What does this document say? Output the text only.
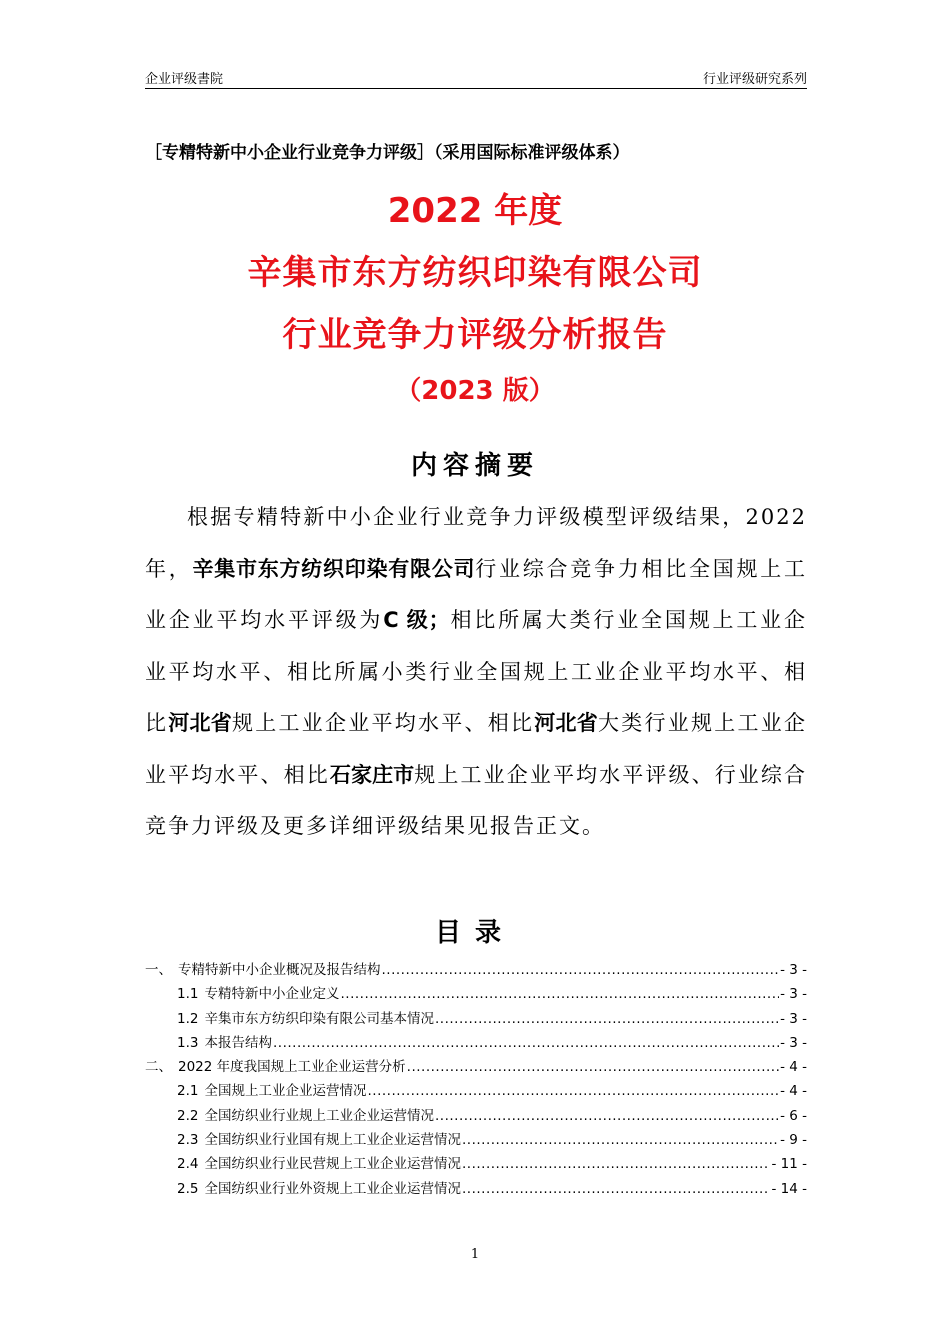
企业评级書院	行业评级研究系列
［专精特新中小企业行业竞争力评级］（采用国际标准评级体系）
2022 年度
辛集市东方纺织印染有限公司
行业竞争力评级分析报告
（2023 版）
内容摘要
根据专精特新中小企业行业竞争力评级模型评级结果，2022 年，辛集市东方纺织印染有限公司行业综合竞争力相比全国规上工业企业平均水平评级为C 级；相比所属大类行业全国规上工业企业平均水平、相比所属小类行业全国规上工业企业平均水平、相比河北省规上工业企业平均水平、相比河北省大类行业规上工业企业平均水平、相比石家庄市规上工业企业平均水平评级、行业综合竞争力评级及更多详细评级结果见报告正文。
目录
一、 专精特新中小企业概况及报告结构 .....	- 3 -
1.1 专精特新中小企业定义 .....	- 3 -
1.2 辛集市东方纺织印染有限公司基本情况 .....	- 3 -
1.3 本报告结构 .....	- 3 -
二、 2022 年度我国规上工业企业运营分析 .....	- 4 -
2.1 全国规上工业企业运营情况 .....	- 4 -
2.2 全国纺织业行业规上工业企业运营情况 .....	- 6 -
2.3 全国纺织业行业国有规上工业企业运营情况 .....	- 9 -
2.4 全国纺织业行业民营规上工业企业运营情况 .....	- 11 -
2.5 全国纺织业行业外资规上工业企业运营情况 .....	- 14 -
1
